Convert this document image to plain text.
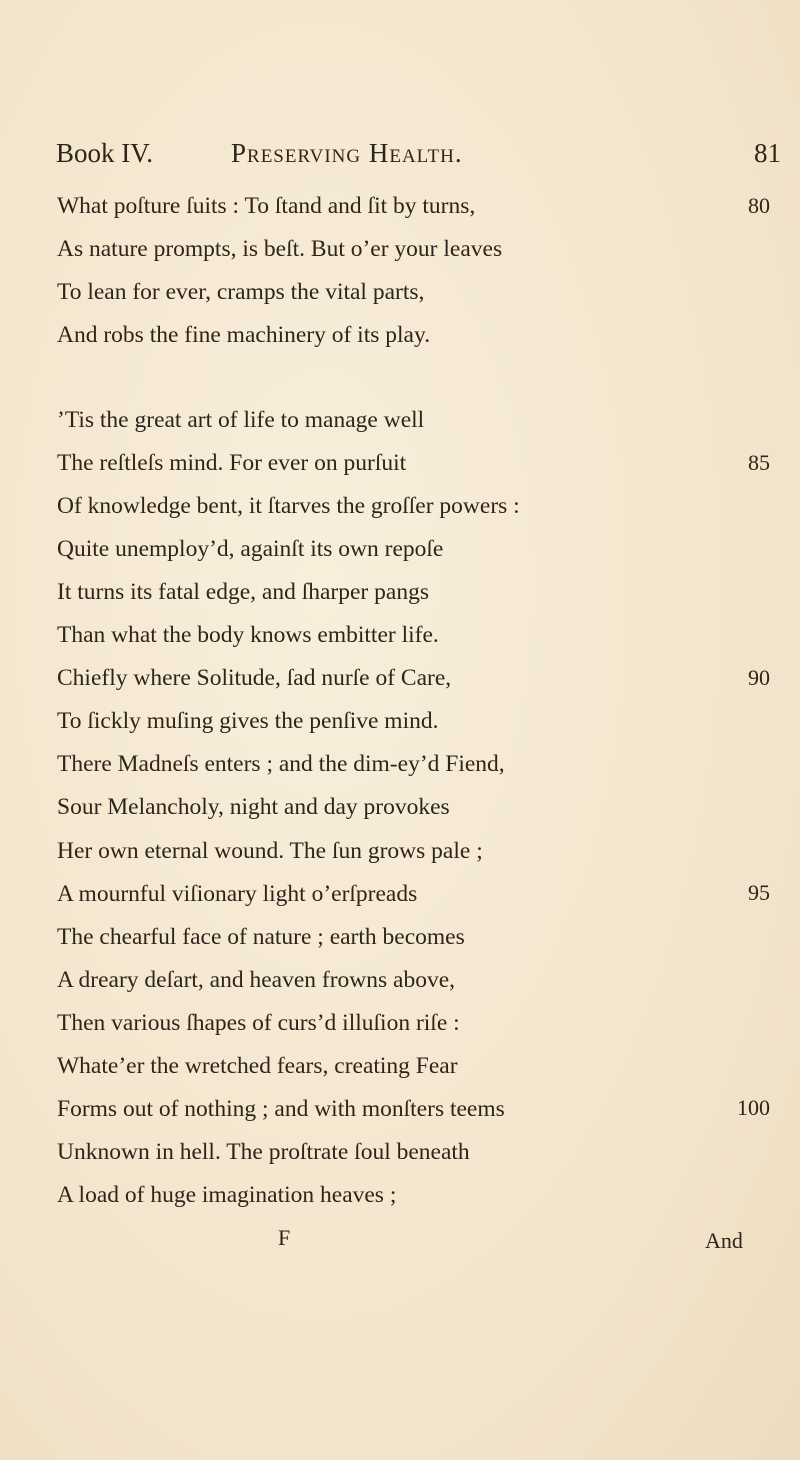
Book IV.	Preserving Health.	81
What poſture ſuits : To ſtand and ſit by turns,
As nature prompts, is beſt. But o’er your leaves
To lean for ever, cramps the vital parts,
And robs the fine machinery of its play.
’Tis the great art of life to manage well
The reſtleſs mind. For ever on purſuit
Of knowledge bent, it ſtarves the groſſer powers :
Quite unemploy’d, againſt its own repoſe
It turns its fatal edge, and ſharper pangs
Than what the body knows embitter life.
Chiefly where Solitude, ſad nurſe of Care,
To ſickly muſing gives the penſive mind.
There Madneſs enters ; and the dim-ey’d Fiend,
Sour Melancholy, night and day provokes
Her own eternal wound. The ſun grows pale ;
A mournful viſionary light o’erſpreads
The chearful face of nature ; earth becomes
A dreary deſart, and heaven frowns above,
Then various ſhapes of curs’d illuſion riſe :
Whate’er the wretched fears, creating Fear
Forms out of nothing ; and with monſters teems
Unknown in hell. The proſtrate ſoul beneath
A load of huge imagination heaves ;
80
85
90
95
100
F	And
